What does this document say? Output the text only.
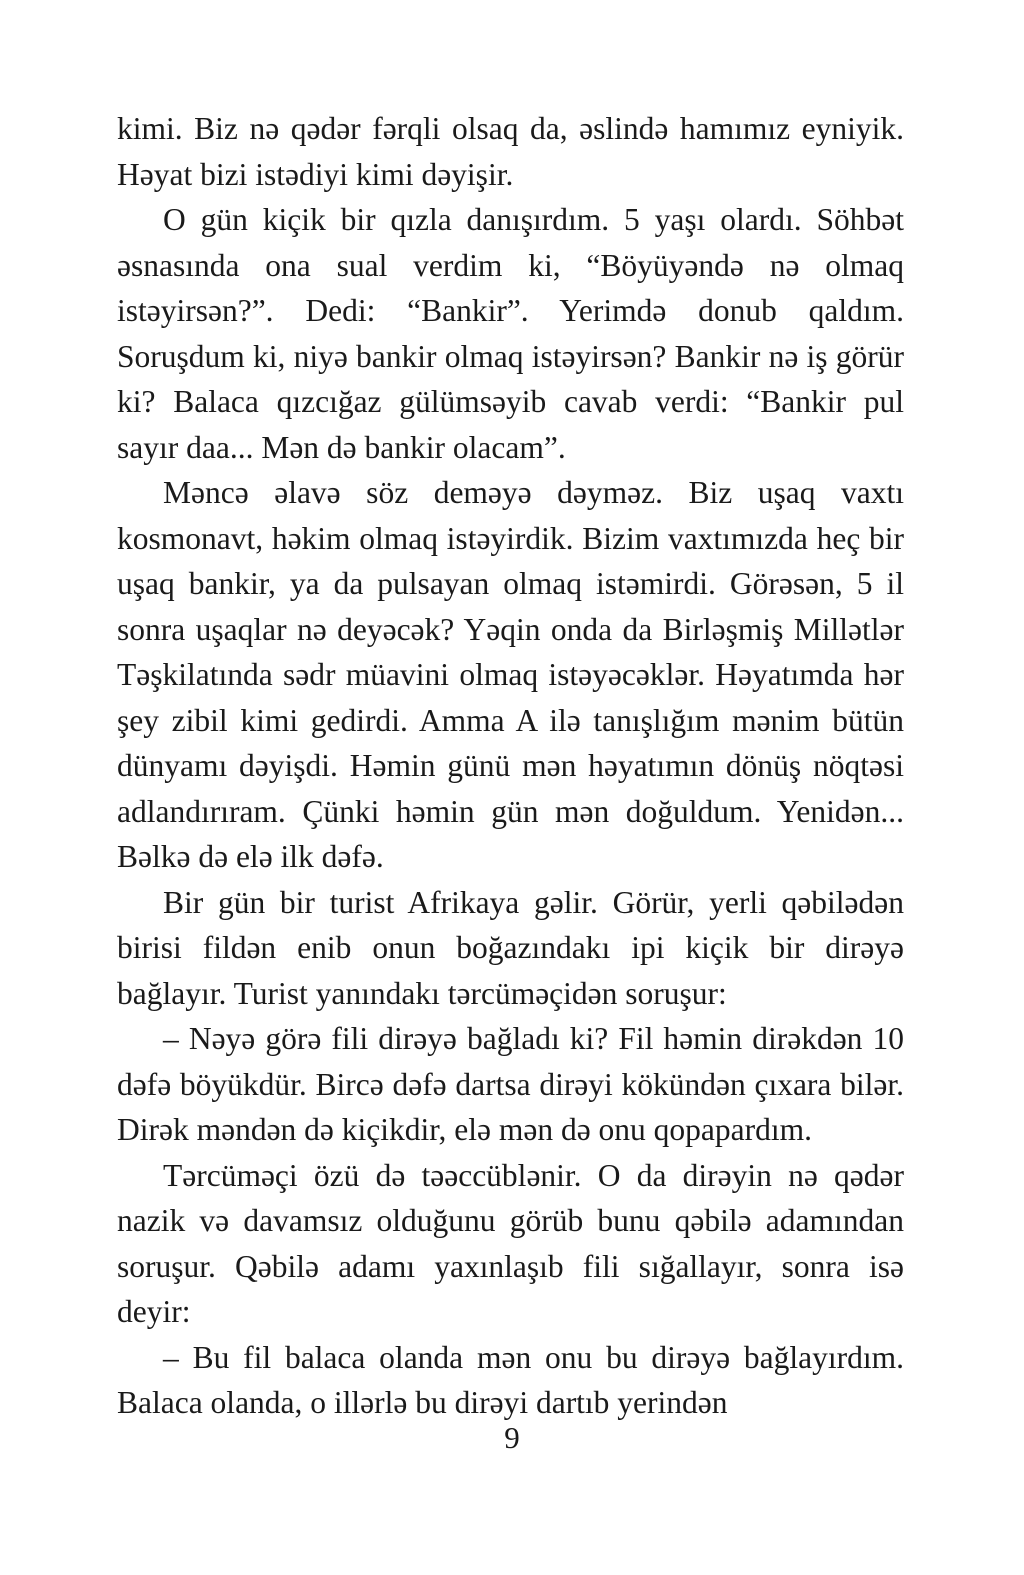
kimi. Biz nə qədər fərqli olsaq da, əslində hamımız eyniyik. Həyat bizi istədiyi kimi dəyişir.

O gün kiçik bir qızla danışırdım. 5 yaşı olardı. Söhbət əsnasında ona sual verdim ki, “Böyüyəndə nə olmaq istəyirsən?”. Dedi: “Bankir”. Yerimdə donub qaldım. Soruşdum ki, niyə bankir olmaq istəyirsən? Bankir nə iş görür ki? Balaca qızcığaz gülümsəyib cavab verdi: “Bankir pul sayır daa... Mən də bankir olacam”.

Məncə əlavə söz deməyə dəyməz. Biz uşaq vaxtı kosmonavt, həkim olmaq istəyirdik. Bizim vaxtımızda heç bir uşaq bankir, ya da pulsayan olmaq istəmirdi. Görəsən, 5 il sonra uşaqlar nə deyəcək? Yəqin onda da Birləşmiş Millətlər Təşkilatında sədr müavini olmaq istəyəcəklər. Həyatımda hər şey zibil kimi gedirdi. Amma A ilə tanışlığım mənim bütün dünyamı dəyişdi. Həmin günü mən həyatımın dönüş nöqtəsi adlandırıram. Çünki həmin gün mən doğuldum. Yenidən... Bəlkə də elə ilk dəfə.

Bir gün bir turist Afrikaya gəlir. Görür, yerli qəbilədən birisi fildən enib onun boğazındakı ipi kiçik bir dirəyə bağlayır. Turist yanındakı tərcüməçidən soruşur:

– Nəyə görə fili dirəyə bağladı ki? Fil həmin dirəkdən 10 dəfə böyükdür. Bircə dəfə dartsa dirəyi kökündən çıxara bilər. Dirək məndən də kiçikdir, elə mən də onu qopарardım.

Tərcüməçi özü də təəccüblənir. O da dirəyin nə qədər nazik və davamsız olduğunu görüb bunu qəbilə adamından soruşur. Qəbilə adamı yaxınlaşıb fili sığallayır, sonra isə deyir:

– Bu fil balaca olanda mən onu bu dirəyə bağlayırdım. Balaca olanda, o illərlə bu dirəyi dartıb yerindən

9
